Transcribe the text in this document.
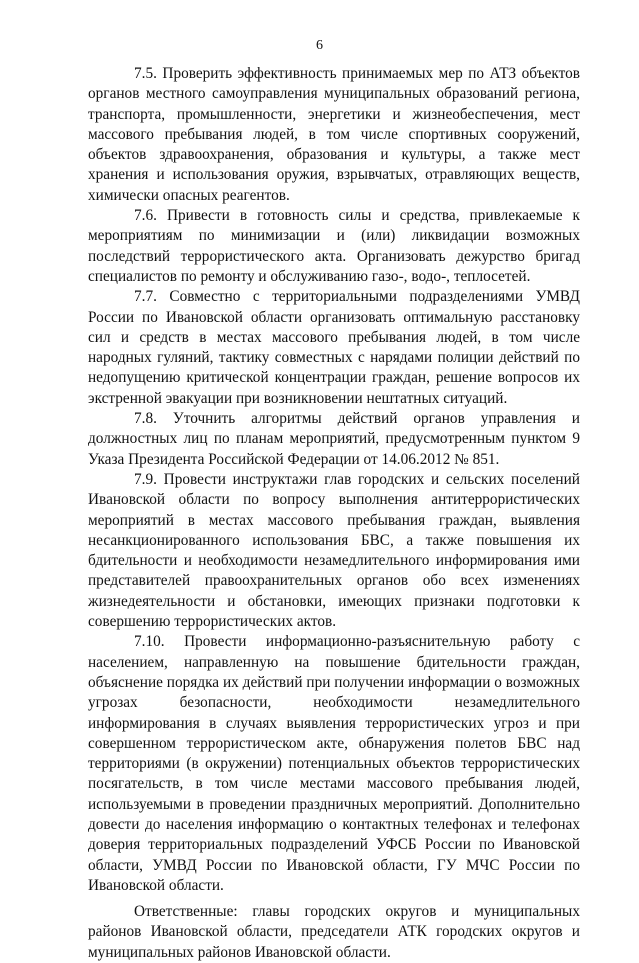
6

7.5. Проверить эффективность принимаемых мер по АТЗ объектов органов местного самоуправления муниципальных образований региона, транспорта, промышленности, энергетики и жизнеобеспечения, мест массового пребывания людей, в том числе спортивных сооружений, объектов здравоохранения, образования и культуры, а также мест хранения и использования оружия, взрывчатых, отравляющих веществ, химически опасных реагентов.

7.6. Привести в готовность силы и средства, привлекаемые к мероприятиям по минимизации и (или) ликвидации возможных последствий террористического акта. Организовать дежурство бригад специалистов по ремонту и обслуживанию газо-, водо-, теплосетей.

7.7. Совместно с территориальными подразделениями УМВД России по Ивановской области организовать оптимальную расстановку сил и средств в местах массового пребывания людей, в том числе народных гуляний, тактику совместных с нарядами полиции действий по недопущению критической концентрации граждан, решение вопросов их экстренной эвакуации при возникновении нештатных ситуаций.

7.8. Уточнить алгоритмы действий органов управления и должностных лиц по планам мероприятий, предусмотренным пунктом 9 Указа Президента Российской Федерации от 14.06.2012 № 851.

7.9. Провести инструктажи глав городских и сельских поселений Ивановской области по вопросу выполнения антитеррористических мероприятий в местах массового пребывания граждан, выявления несанкционированного использования БВС, а также повышения их бдительности и необходимости незамедлительного информирования ими представителей правоохранительных органов обо всех изменениях жизнедеятельности и обстановки, имеющих признаки подготовки к совершению террористических актов.

7.10. Провести информационно-разъяснительную работу с населением, направленную на повышение бдительности граждан, объяснение порядка их действий при получении информации о возможных угрозах безопасности, необходимости незамедлительного информирования в случаях выявления террористических угроз и при совершенном террористическом акте, обнаружения полетов БВС над территориями (в окружении) потенциальных объектов террористических посягательств, в том числе местами массового пребывания людей, используемыми в проведении праздничных мероприятий. Дополнительно довести до населения информацию о контактных телефонах и телефонах доверия территориальных подразделений УФСБ России по Ивановской области, УМВД России по Ивановской области, ГУ МЧС России по Ивановской области.

Ответственные: главы городских округов и муниципальных районов Ивановской области, председатели АТК городских округов и муниципальных районов Ивановской области.
